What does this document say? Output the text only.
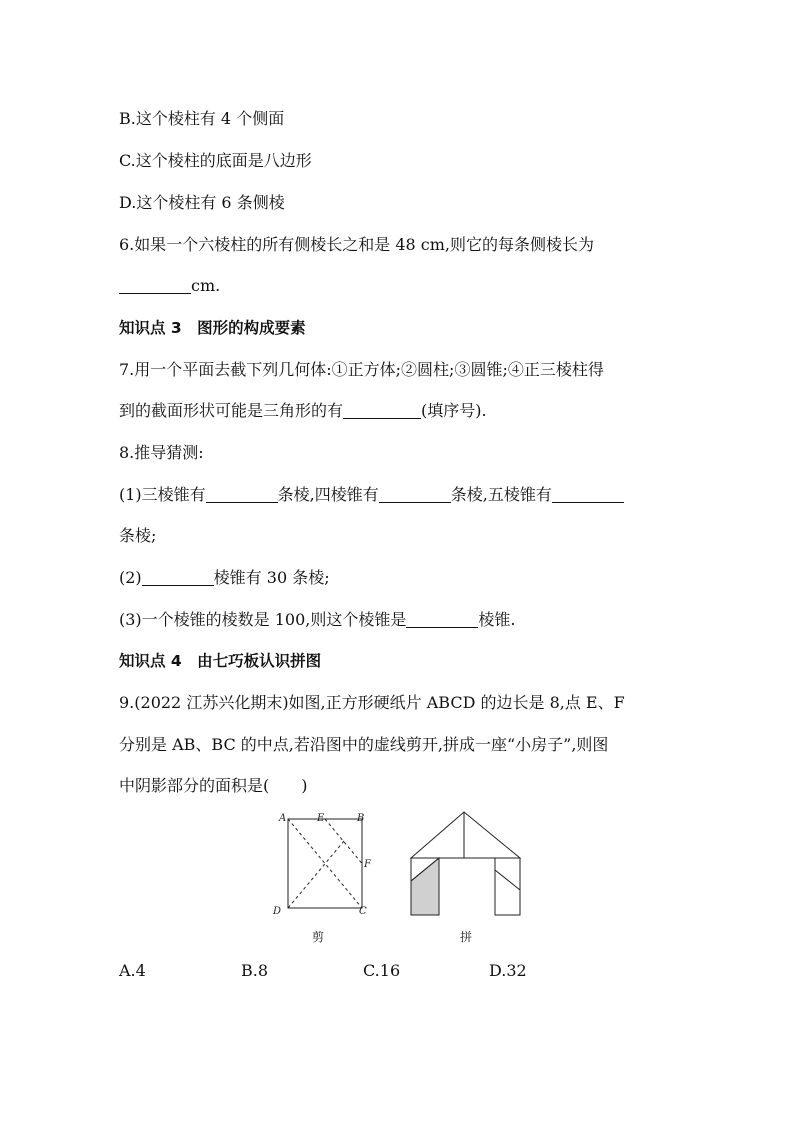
B.这个棱柱有 4 个侧面
C.这个棱柱的底面是八边形
D.这个棱柱有 6 条侧棱
6.如果一个六棱柱的所有侧棱长之和是 48 cm,则它的每条侧棱长为
cm.
知识点 3　图形的构成要素
7.用一个平面去截下列几何体:①正方体;②圆柱;③圆锥;④正三棱柱得
到的截面形状可能是三角形的有	(填序号).
8.推导猜测:
(1)三棱锥有	条棱,四棱锥有	条棱,五棱锥有
条棱;
(2)	棱锥有 30 条棱;
(3)一个棱锥的棱数是 100,则这个棱锥是	棱锥.
知识点 4　由七巧板认识拼图
9.(2022 江苏兴化期末)如图,正方形硬纸片 ABCD 的边长是 8,点 E、F
分别是 AB、BC 的中点,若沿图中的虚线剪开,拼成一座“小房子”,则图
中阴影部分的面积是(　　)
A	E	B
F
D	C
剪	拼
A.4	B.8	C.16	D.32
